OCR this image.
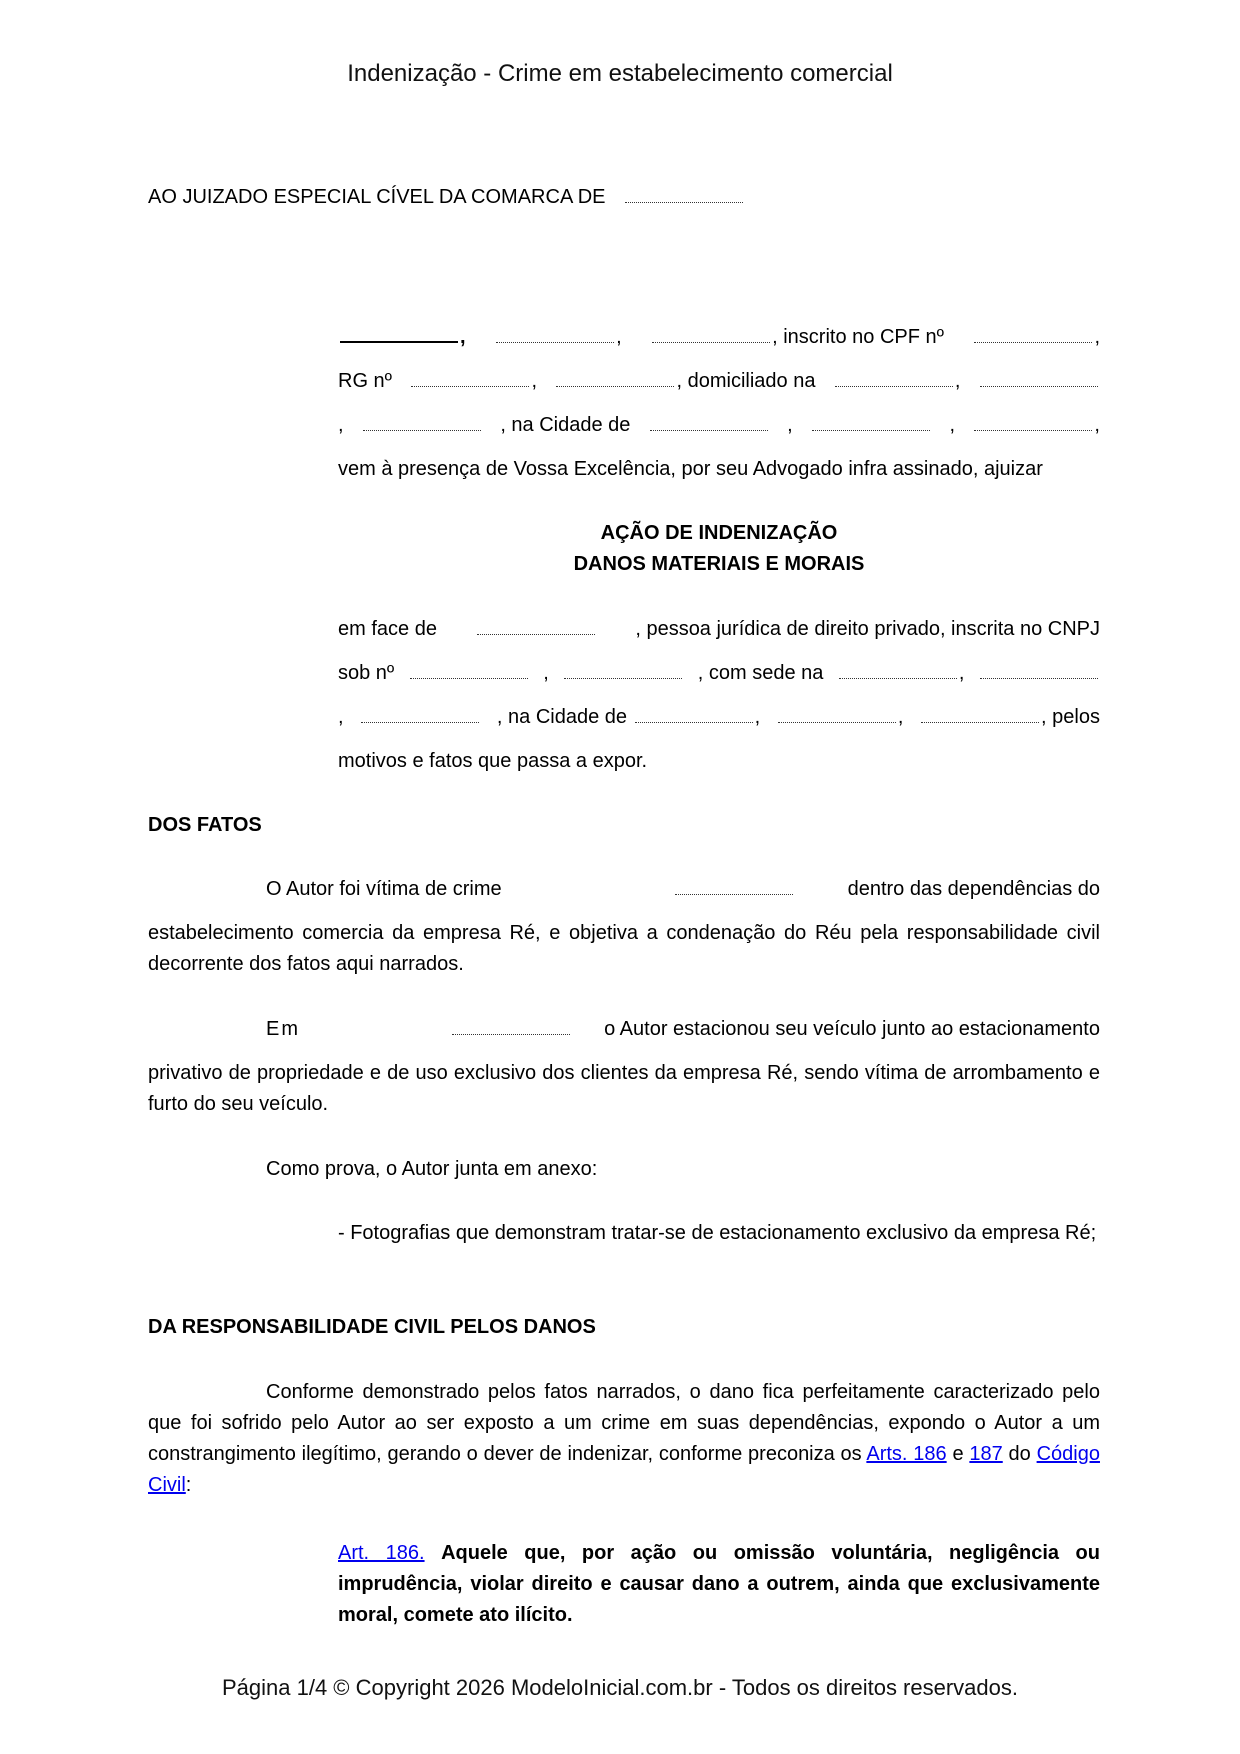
Indenização - Crime em estabelecimento comercial
AO JUIZADO ESPECIAL CÍVEL DA COMARCA DE
,	,	, inscrito no CPF nº	,
RG nº	,	, domiciliado na	,
,	, na Cidade de	,	,	,
vem à presença de Vossa Excelência, por seu Advogado infra assinado, ajuizar
AÇÃO DE INDENIZAÇÃO
DANOS MATERIAIS E MORAIS
em face de	, pessoa jurídica de direito privado, inscrita no CNPJ
sob nº	,	, com sede na	,
,	, na Cidade de	,	,	, pelos
motivos e fatos que passa a expor.
DOS FATOS
O Autor foi vítima de crime	dentro das dependências do
estabelecimento comercia da empresa Ré, e objetiva a condenação do Réu pela responsabilidade civil decorrente dos fatos aqui narrados.
Em	o Autor estacionou seu veículo junto ao estacionamento
privativo de propriedade e de uso exclusivo dos clientes da empresa Ré, sendo vítima de arrombamento e furto do seu veículo.
Como prova, o Autor junta em anexo:
- Fotografias que demonstram tratar-se de estacionamento exclusivo da empresa Ré;
DA RESPONSABILIDADE CIVIL PELOS DANOS
Conforme demonstrado pelos fatos narrados, o dano fica perfeitamente caracterizado pelo que foi sofrido pelo Autor ao ser exposto a um crime em suas dependências, expondo o Autor a um constrangimento ilegítimo, gerando o dever de indenizar, conforme preconiza os Arts. 186 e 187 do Código Civil:
Art. 186. Aquele que, por ação ou omissão voluntária, negligência ou imprudência, violar direito e causar dano a outrem, ainda que exclusivamente moral, comete ato ilícito.
Página 1/4 © Copyright 2026 ModeloInicial.com.br - Todos os direitos reservados.
